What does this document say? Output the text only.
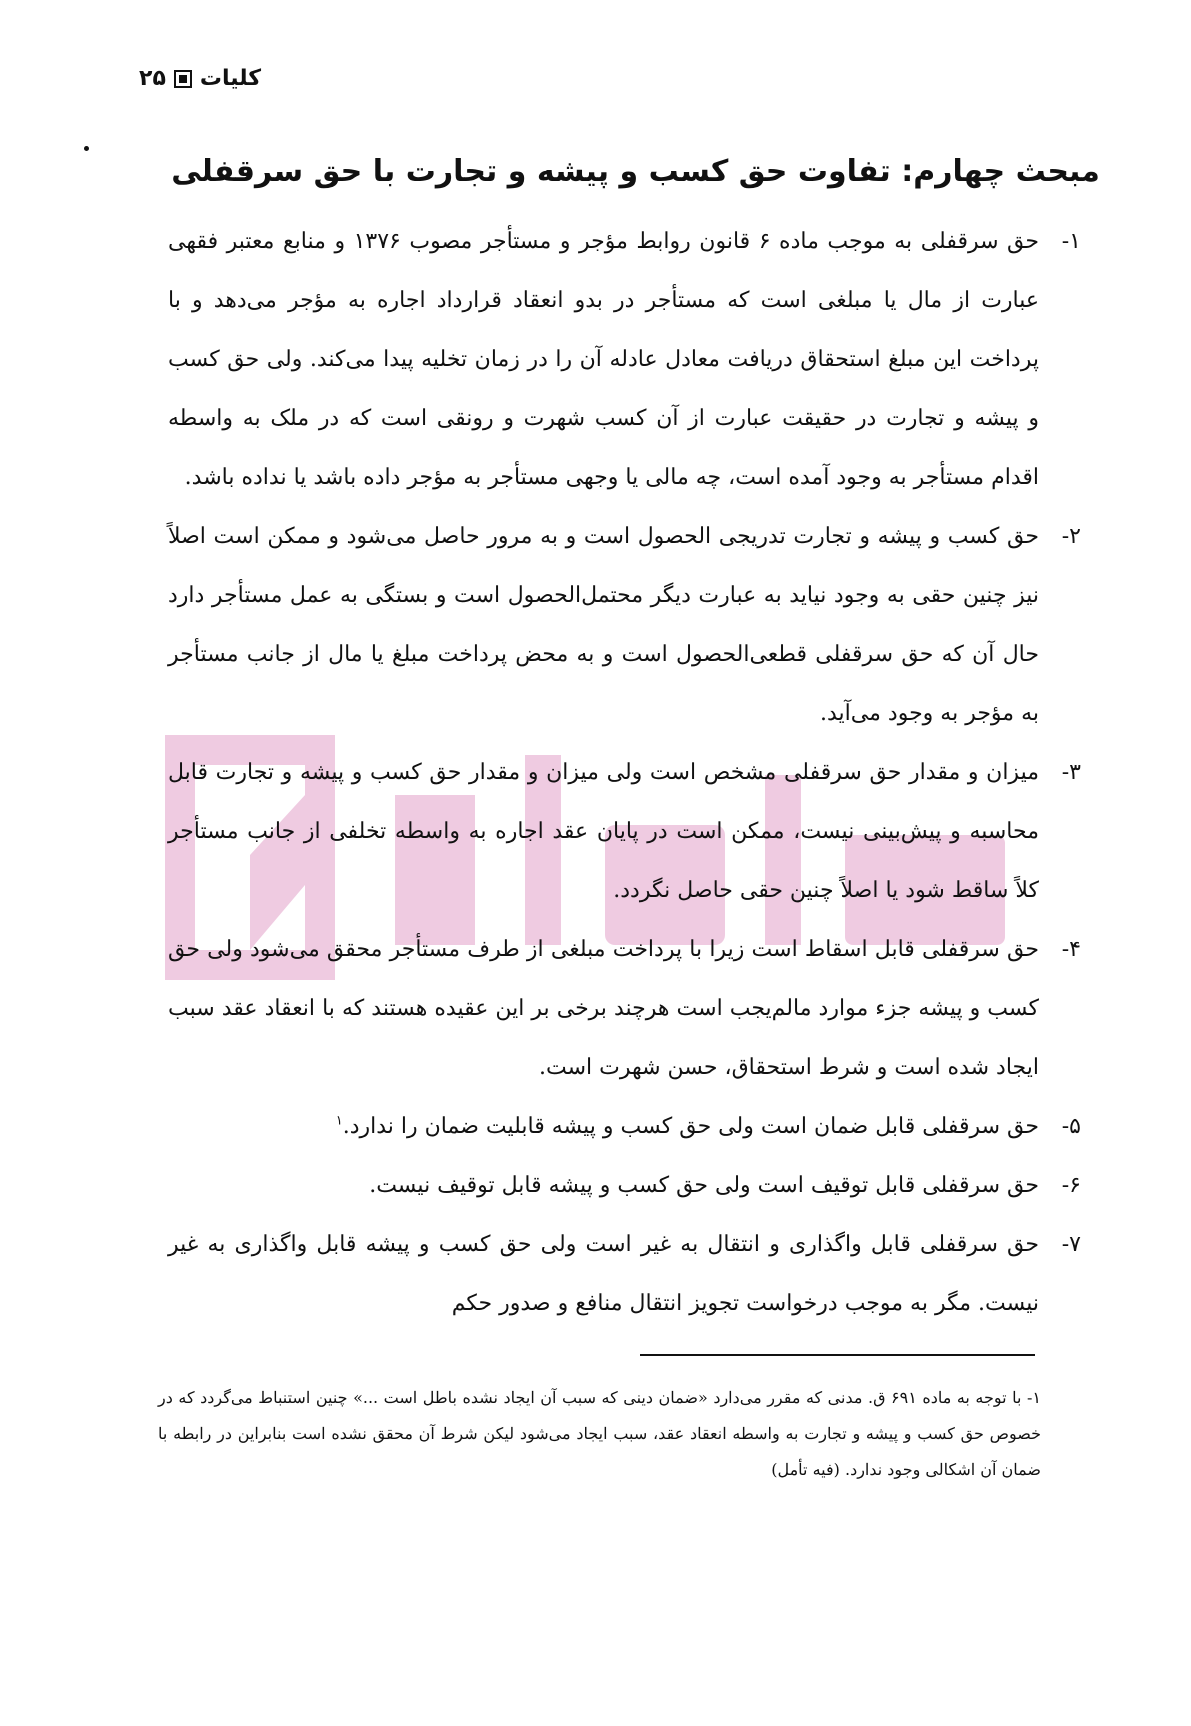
کلیات
۲۵
مبحث چهارم: تفاوت حق کسب و پیشه و تجارت با حق سرقفلی

۱-
حق سرقفلی به موجب ماده ۶ قانون روابط مؤجر و مستأجر مصوب ۱۳۷۶ و منابع معتبر فقهی عبارت از مال یا مبلغی است که مستأجر در بدو انعقاد قرارداد اجاره به مؤجر می‌دهد و با پرداخت این مبلغ استحقاق دریافت معادل عادله آن را در زمان تخلیه پیدا می‌کند. ولی حق کسب و پیشه و تجارت در حقیقت عبارت از آن کسب شهرت و رونقی است که در ملک به واسطه اقدام مستأجر به وجود آمده است، چه مالی یا وجهی مستأجر به مؤجر داده باشد یا نداده باشد.

۲-
حق کسب و پیشه و تجارت تدریجی الحصول است و به مرور حاصل می‌شود و ممکن است اصلاً نیز چنین حقی به وجود نیاید به عبارت دیگر محتمل‌الحصول است و بستگی به عمل مستأجر دارد حال آن که حق سرقفلی قطعی‌الحصول است و به محض پرداخت مبلغ یا مال از جانب مستأجر به مؤجر به وجود می‌آید.

۳-
میزان و مقدار حق سرقفلی مشخص است ولی میزان و مقدار حق کسب و پیشه و تجارت قابل محاسبه و پیش‌بینی نیست، ممکن است در پایان عقد اجاره به واسطه تخلفی از جانب مستأجر کلاً ساقط شود یا اصلاً چنین حقی حاصل نگردد.

۴-
حق سرقفلی قابل اسقاط است زیرا با پرداخت مبلغی از طرف مستأجر محقق می‌شود ولی حق کسب و پیشه جزء موارد مالم‌یجب است هرچند برخی بر این عقیده هستند که با انعقاد عقد سبب ایجاد شده است و شرط استحقاق، حسن شهرت است.

۵-
حق سرقفلی قابل ضمان است ولی حق کسب و پیشه قابلیت ضمان را ندارد.$^۱$

۶-
حق سرقفلی قابل توقیف است ولی حق کسب و پیشه قابل توقیف نیست.

۷-
حق سرقفلی قابل واگذاری و انتقال به غیر است ولی حق کسب و پیشه قابل واگذاری به غیر نیست. مگر به موجب درخواست تجویز انتقال منافع و صدور حکم

۱- با توجه به ماده ۶۹۱ ق. مدنی که مقرر می‌دارد «ضمان دینی که سبب آن ایجاد نشده باطل است ...» چنین استنباط می‌گردد که در خصوص حق کسب و پیشه و تجارت به واسطه انعقاد عقد، سبب ایجاد می‌شود لیکن شرط آن محقق نشده است بنابراین در رابطه با ضمان آن اشکالی وجود ندارد. (فیه تأمل)
